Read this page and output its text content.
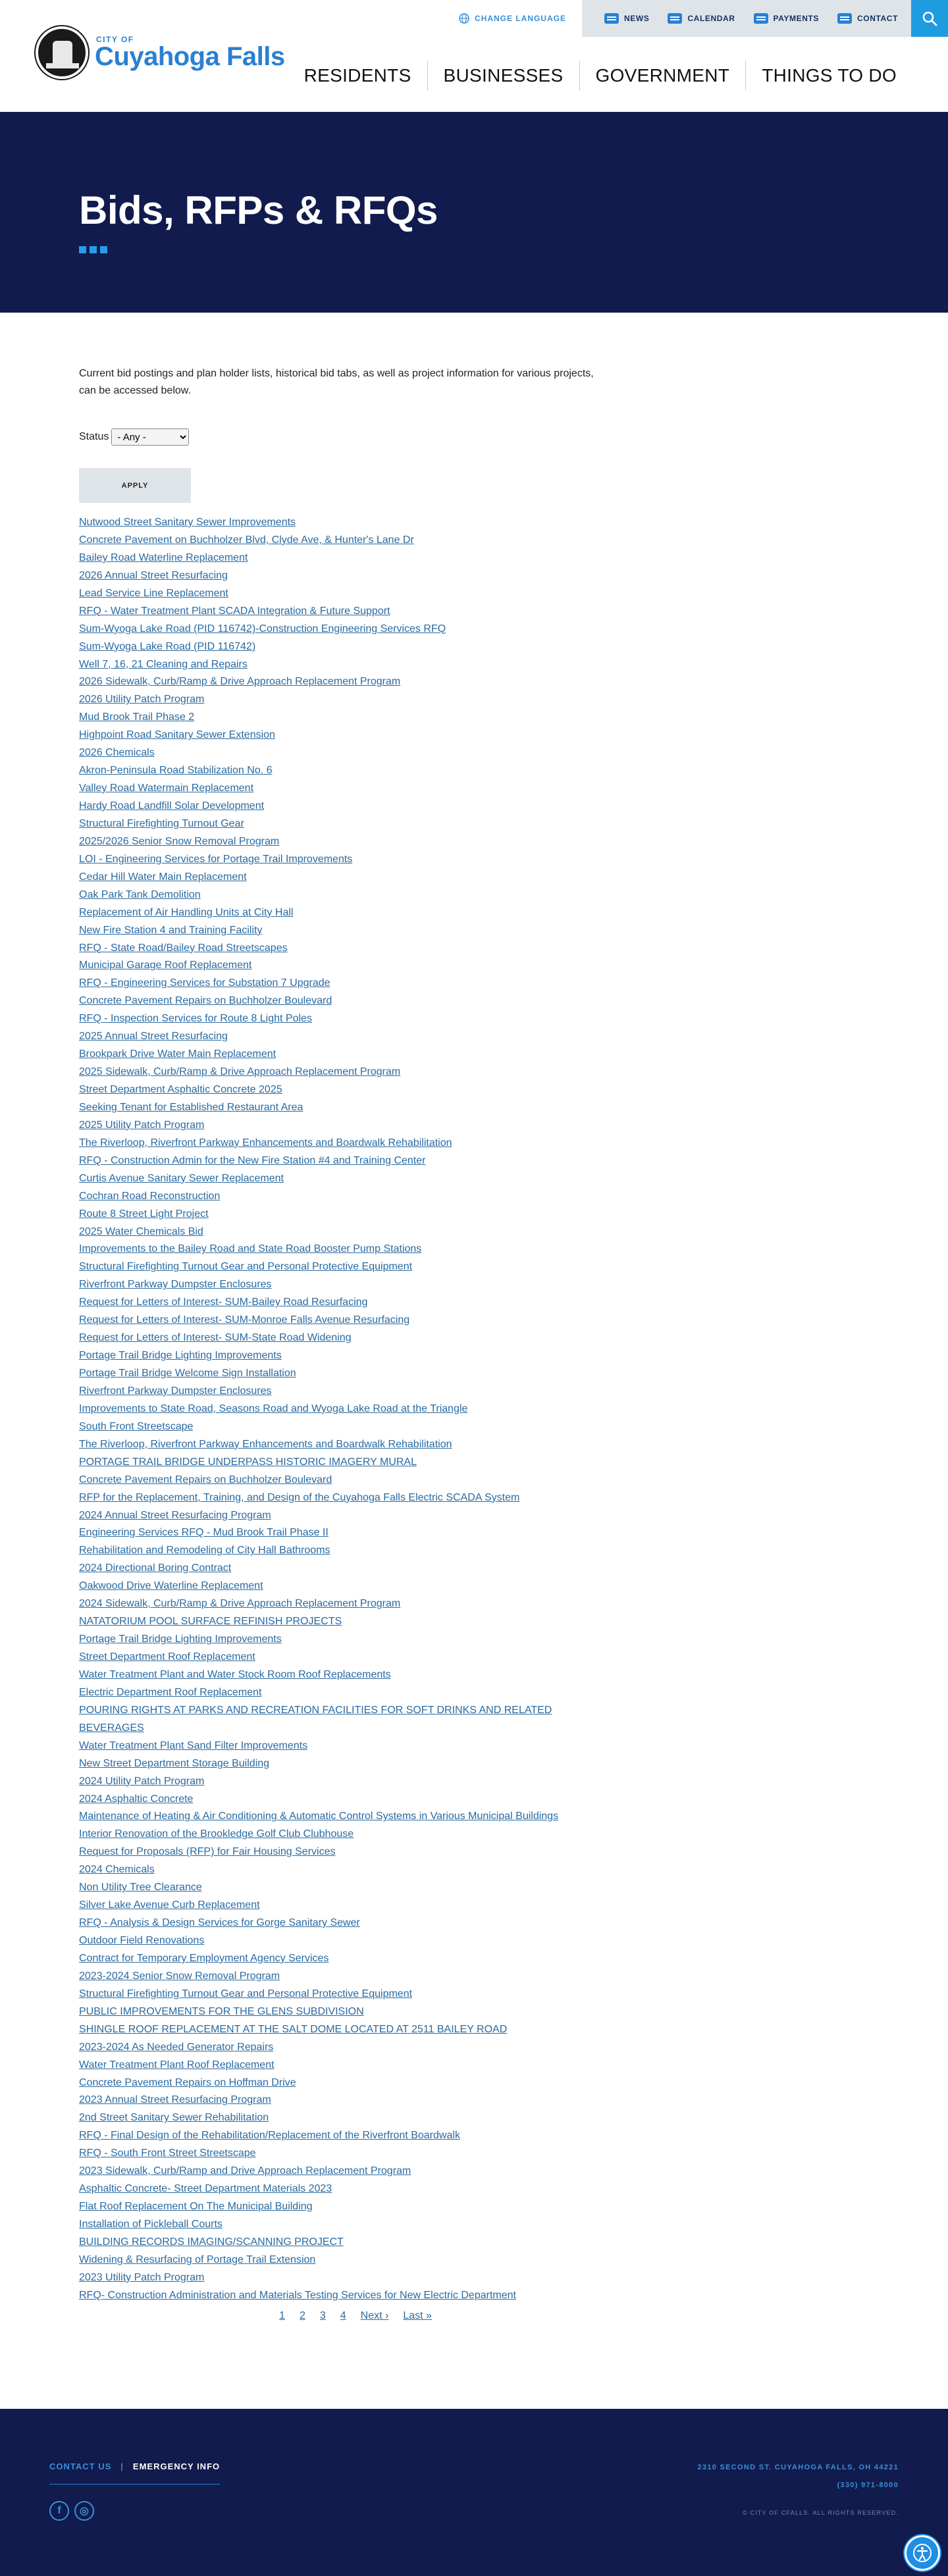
CHANGE LANGUAGE	NEWS	CALENDAR	PAYMENTS	CONTACT
CITY OF
Cuyahoga Falls
RESIDENTS	BUSINESSES	GOVERNMENT	THINGS TO DO
Bids, RFPs & RFQs

Current bid postings and plan holder lists, historical bid tabs, as well as project information for various projects, can be accessed below.

Status
- Any -
APPLY
Nutwood Street Sanitary Sewer Improvements
Concrete Pavement on Buchholzer Blvd, Clyde Ave, & Hunter's Lane Dr
Bailey Road Waterline Replacement
2026 Annual Street Resurfacing
Lead Service Line Replacement
RFQ - Water Treatment Plant SCADA Integration & Future Support
Sum-Wyoga Lake Road (PID 116742)-Construction Engineering Services RFQ
Sum-Wyoga Lake Road (PID 116742)
Well 7, 16, 21 Cleaning and Repairs
2026 Sidewalk, Curb/Ramp & Drive Approach Replacement Program
2026 Utility Patch Program
Mud Brook Trail Phase 2
Highpoint Road Sanitary Sewer Extension
2026 Chemicals
Akron-Peninsula Road Stabilization No. 6
Valley Road Watermain Replacement
Hardy Road Landfill Solar Development
Structural Firefighting Turnout Gear
2025/2026 Senior Snow Removal Program
LOI - Engineering Services for Portage Trail Improvements
Cedar Hill Water Main Replacement
Oak Park Tank Demolition
Replacement of Air Handling Units at City Hall
New Fire Station 4 and Training Facility
RFQ - State Road/Bailey Road Streetscapes
Municipal Garage Roof Replacement
RFQ - Engineering Services for Substation 7 Upgrade
Concrete Pavement Repairs on Buchholzer Boulevard
RFQ - Inspection Services for Route 8 Light Poles
2025 Annual Street Resurfacing
Brookpark Drive Water Main Replacement
2025 Sidewalk, Curb/Ramp & Drive Approach Replacement Program
Street Department Asphaltic Concrete 2025
Seeking Tenant for Established Restaurant Area
2025 Utility Patch Program
The Riverloop, Riverfront Parkway Enhancements and Boardwalk Rehabilitation
RFQ - Construction Admin for the New Fire Station #4 and Training Center
Curtis Avenue Sanitary Sewer Replacement
Cochran Road Reconstruction
Route 8 Street Light Project
2025 Water Chemicals Bid
Improvements to the Bailey Road and State Road Booster Pump Stations
Structural Firefighting Turnout Gear and Personal Protective Equipment
Riverfront Parkway Dumpster Enclosures
Request for Letters of Interest- SUM-Bailey Road Resurfacing
Request for Letters of Interest- SUM-Monroe Falls Avenue Resurfacing
Request for Letters of Interest- SUM-State Road Widening
Portage Trail Bridge Lighting Improvements
Portage Trail Bridge Welcome Sign Installation
Riverfront Parkway Dumpster Enclosures
Improvements to State Road, Seasons Road and Wyoga Lake Road at the Triangle
South Front Streetscape
The Riverloop, Riverfront Parkway Enhancements and Boardwalk Rehabilitation
PORTAGE TRAIL BRIDGE UNDERPASS HISTORIC IMAGERY MURAL
Concrete Pavement Repairs on Buchholzer Boulevard
RFP for the Replacement, Training, and Design of the Cuyahoga Falls Electric SCADA System
2024 Annual Street Resurfacing Program
Engineering Services RFQ - Mud Brook Trail Phase II
Rehabilitation and Remodeling of City Hall Bathrooms
2024 Directional Boring Contract
Oakwood Drive Waterline Replacement
2024 Sidewalk, Curb/Ramp & Drive Approach Replacement Program
NATATORIUM POOL SURFACE REFINISH PROJECTS
Portage Trail Bridge Lighting Improvements
Street Department Roof Replacement
Water Treatment Plant and Water Stock Room Roof Replacements
Electric Department Roof Replacement
POURING RIGHTS AT PARKS AND RECREATION FACILITIES FOR SOFT DRINKS AND RELATED
BEVERAGES
Water Treatment Plant Sand Filter Improvements
New Street Department Storage Building
2024 Utility Patch Program
2024 Asphaltic Concrete
Maintenance of Heating & Air Conditioning & Automatic Control Systems in Various Municipal Buildings
Interior Renovation of the Brookledge Golf Club Clubhouse
Request for Proposals (RFP) for Fair Housing Services
2024 Chemicals
Non Utility Tree Clearance
Silver Lake Avenue Curb Replacement
RFQ - Analysis & Design Services for Gorge Sanitary Sewer
Outdoor Field Renovations
Contract for Temporary Employment Agency Services
2023-2024 Senior Snow Removal Program
Structural Firefighting Turnout Gear and Personal Protective Equipment
PUBLIC IMPROVEMENTS FOR THE GLENS SUBDIVISION
SHINGLE ROOF REPLACEMENT AT THE SALT DOME LOCATED AT 2511 BAILEY ROAD
2023-2024 As Needed Generator Repairs
Water Treatment Plant Roof Replacement
Concrete Pavement Repairs on Hoffman Drive
2023 Annual Street Resurfacing Program
2nd Street Sanitary Sewer Rehabilitation
RFQ - Final Design of the Rehabilitation/Replacement of the Riverfront Boardwalk
RFQ - South Front Street Streetscape
2023 Sidewalk, Curb/Ramp and Drive Approach Replacement Program
Asphaltic Concrete- Street Department Materials 2023
Flat Roof Replacement On The Municipal Building
Installation of Pickleball Courts
BUILDING RECORDS IMAGING/SCANNING PROJECT
Widening & Resurfacing of Portage Trail Extension
2023 Utility Patch Program
RFQ- Construction Administration and Materials Testing Services for New Electric Department
1 2 3 4 Next › Last »
CONTACT US | EMERGENCY INFO
f	◎
2310 SECOND ST. CUYAHOGA FALLS, OH 44221
(330) 971-8000
© CITY OF CFALLS. ALL RIGHTS RESERVED.
